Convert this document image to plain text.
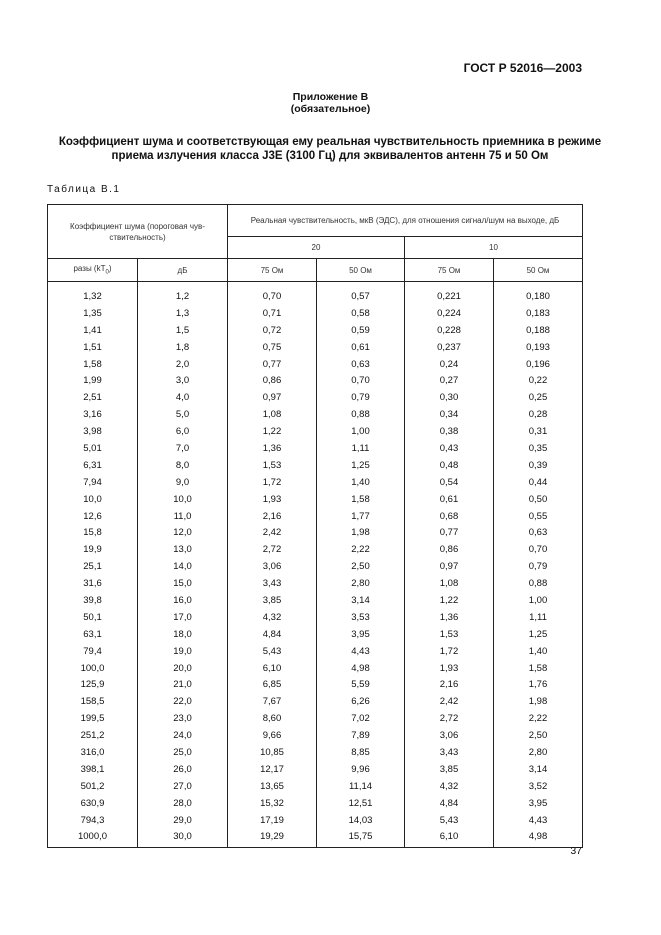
ГОСТ Р 52016—2003
Приложение В
(обязательное)
Коэффициент шума и соответствующая ему реальная чувствительность приемника в режиме
приема излучения класса J3E (3100 Гц) для эквивалентов антенн 75 и 50 Ом
Таблица В.1
Коэффициент шума (пороговая чув-ствительность)		Реальная чувствительность, мкВ (ЭДС), для отношения сигнал/шум на выходе, дБ			
		20		10	
разы $(kT_0)$	дБ	75 Ом	50 Ом	75 Ом	50 Ом
1,32	1,2	0,70	0,57	0,221	0,180
1,35	1,3	0,71	0,58	0,224	0,183
1,41	1,5	0,72	0,59	0,228	0,188
1,51	1,8	0,75	0,61	0,237	0,193
1,58	2,0	0,77	0,63	0,24	0,196
1,99	3,0	0,86	0,70	0,27	0,22
2,51	4,0	0,97	0,79	0,30	0,25
3,16	5,0	1,08	0,88	0,34	0,28
3,98	6,0	1,22	1,00	0,38	0,31
5,01	7,0	1,36	1,11	0,43	0,35
6,31	8,0	1,53	1,25	0,48	0,39
7,94	9,0	1,72	1,40	0,54	0,44
10,0	10,0	1,93	1,58	0,61	0,50
12,6	11,0	2,16	1,77	0,68	0,55
15,8	12,0	2,42	1,98	0,77	0,63
19,9	13,0	2,72	2,22	0,86	0,70
25,1	14,0	3,06	2,50	0,97	0,79
31,6	15,0	3,43	2,80	1,08	0,88
39,8	16,0	3,85	3,14	1,22	1,00
50,1	17,0	4,32	3,53	1,36	1,11
63,1	18,0	4,84	3,95	1,53	1,25
79,4	19,0	5,43	4,43	1,72	1,40
100,0	20,0	6,10	4,98	1,93	1,58
125,9	21,0	6,85	5,59	2,16	1,76
158,5	22,0	7,67	6,26	2,42	1,98
199,5	23,0	8,60	7,02	2,72	2,22
251,2	24,0	9,66	7,89	3,06	2,50
316,0	25,0	10,85	8,85	3,43	2,80
398,1	26,0	12,17	9,96	3,85	3,14
501,2	27,0	13,65	11,14	4,32	3,52
630,9	28,0	15,32	12,51	4,84	3,95
794,3	29,0	17,19	14,03	5,43	4,43
1000,0	30,0	19,29	15,75	6,10	4,98
37
